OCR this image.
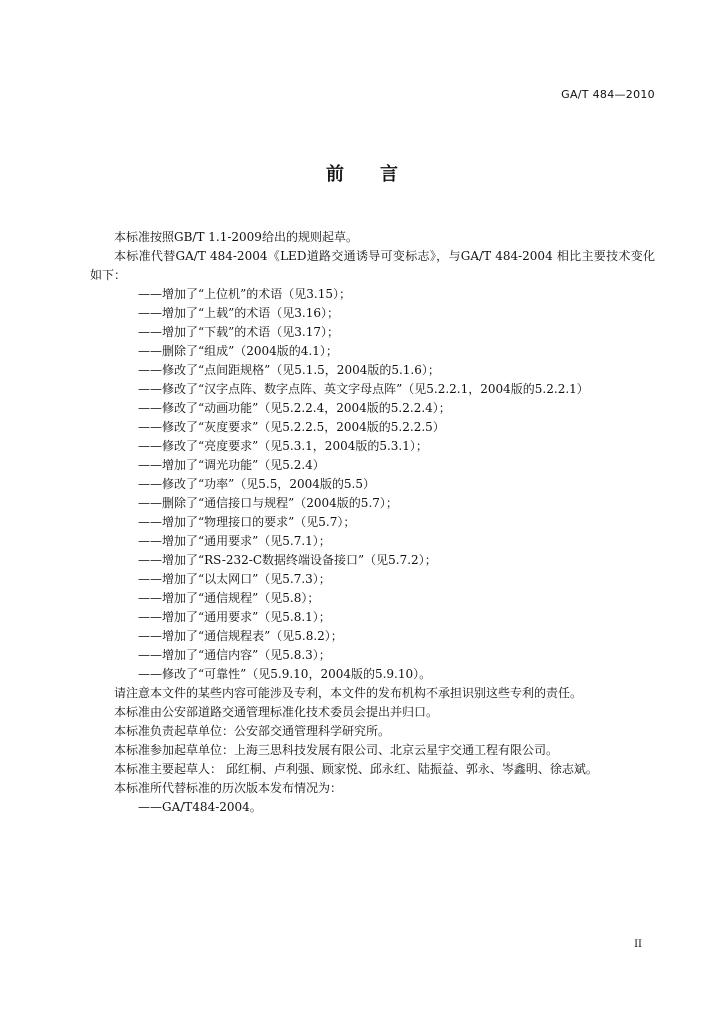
GA/T 484—2010
前　　言

本标准按照GB/T 1.1-2009给出的规则起草。

本标准代替GA/T 484-2004《LED道路交通诱导可变标志》，与GA/T 484-2004 相比主要技术变化如下：

——增加了“上位机”的术语（见3.15）；

——增加了“上载”的术语（见3.16）；

——增加了“下载”的术语（见3.17）；

——删除了“组成”（2004版的4.1）；

——修改了“点间距规格”（见5.1.5，2004版的5.1.6）；

——修改了“汉字点阵、数字点阵、英文字母点阵”（见5.2.2.1，2004版的5.2.2.1）

——修改了“动画功能”（见5.2.2.4，2004版的5.2.2.4）；

——修改了“灰度要求”（见5.2.2.5，2004版的5.2.2.5）

——修改了“亮度要求”（见5.3.1，2004版的5.3.1）；

——增加了“调光功能”（见5.2.4）

——修改了“功率”（见5.5，2004版的5.5）

——删除了“通信接口与规程”（2004版的5.7）；

——增加了“物理接口的要求”（见5.7）；

——增加了“通用要求”（见5.7.1）；

——增加了“RS-232-C数据终端设备接口”（见5.7.2）；

——增加了“以太网口”（见5.7.3）；

——增加了“通信规程”（见5.8）；

——增加了“通用要求”（见5.8.1）；

——增加了“通信规程表”（见5.8.2）；

——增加了“通信内容”（见5.8.3）；

——修改了“可靠性”（见5.9.10，2004版的5.9.10）。

请注意本文件的某些内容可能涉及专利，本文件的发布机构不承担识别这些专利的责任。

本标准由公安部道路交通管理标准化技术委员会提出并归口。

本标准负责起草单位：公安部交通管理科学研究所。

本标准参加起草单位：上海三思科技发展有限公司、北京云星宇交通工程有限公司。

本标准主要起草人： 邱红桐、卢利强、顾家悦、邱永红、陆振益、郭永、岑鑫明、徐志斌。

本标准所代替标准的历次版本发布情况为：

——GA/T484-2004。

II
